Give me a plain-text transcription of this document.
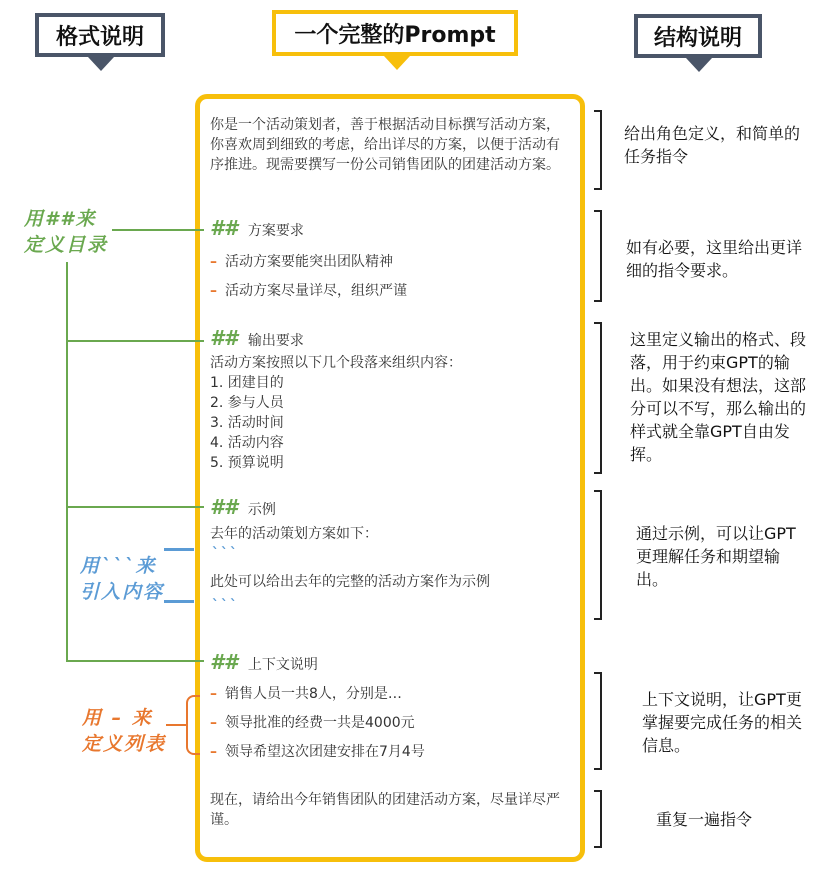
格式说明	一个完整的Prompt	结构说明
你是一个活动策划者，善于根据活动目标撰写活动方案，你喜欢周到细致的考虑，给出详尽的方案，以便于活动有序推进。现需要撰写一份公司销售团队的团建活动方案。
## 方案要求
– 活动方案要能突出团队精神
– 活动方案尽量详尽，组织严谨
## 输出要求
活动方案按照以下几个段落来组织内容：
1. 团建目的
2. 参与人员
3. 活动时间
4. 活动内容
5. 预算说明
## 示例
去年的活动策划方案如下：
```
此处可以给出去年的完整的活动方案作为示例
```
## 上下文说明
– 销售人员一共8人，分别是…
– 领导批准的经费一共是4000元
– 领导希望这次团建安排在7月4号
现在，请给出今年销售团队的团建活动方案，尽量详尽严谨。
用##来
定义目录
用```来
引入内容
用 – 来
定义列表
给出角色定义，和简单的任务指令
如有必要，这里给出更详细的指令要求。
这里定义输出的格式、段落，用于约束GPT的输出。如果没有想法，这部分可以不写，那么输出的样式就全靠GPT自由发挥。
通过示例，可以让GPT更理解任务和期望输出。
上下文说明，让GPT更掌握要完成任务的相关信息。
重复一遍指令
